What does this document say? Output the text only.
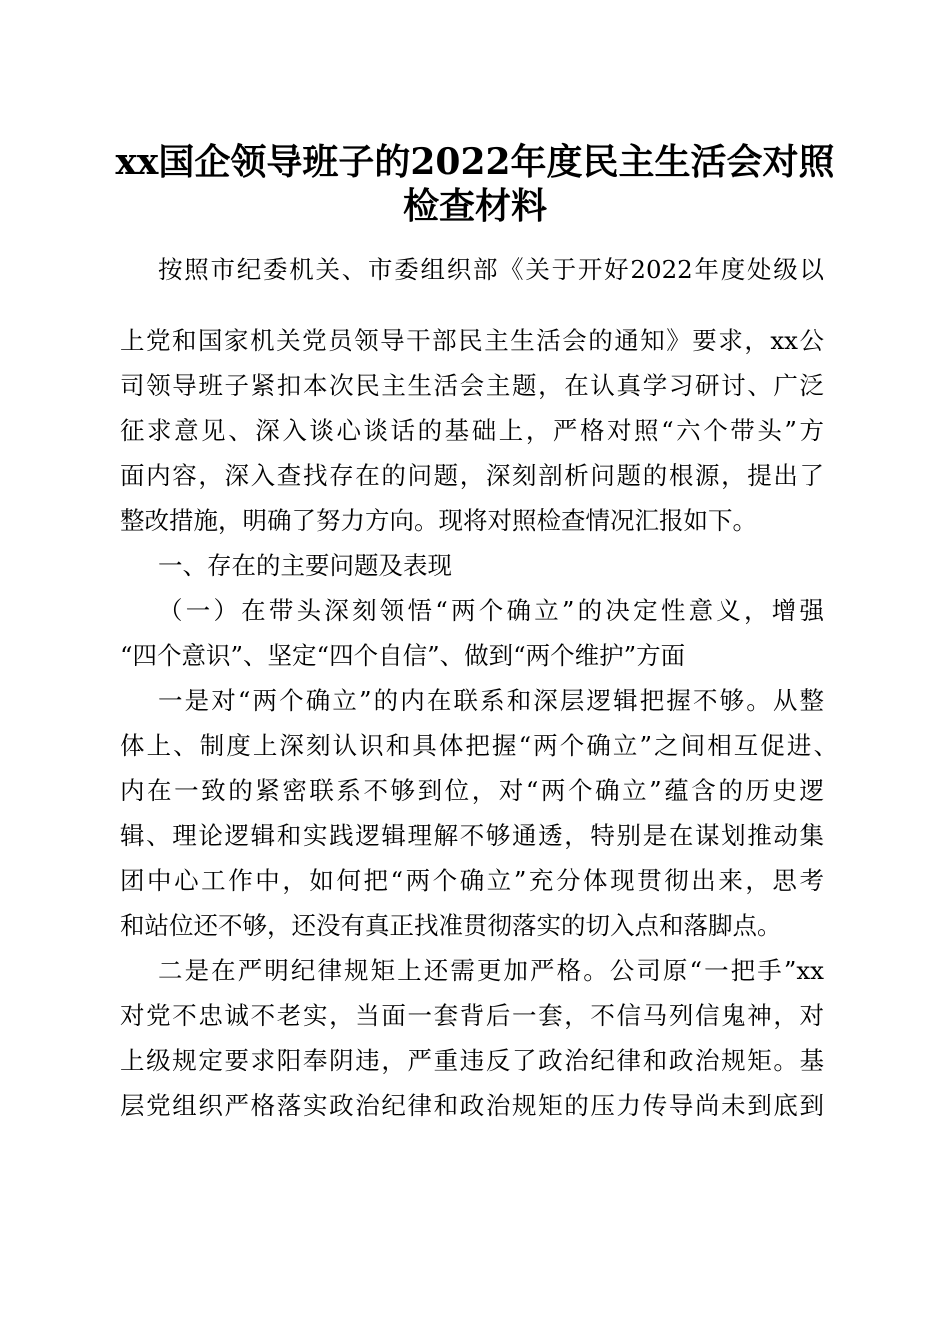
xx国企领导班子的2022年度民主生活会对照
检查材料

按照市纪委机关、市委组织部《关于开好2022年度处级以

上党和国家机关党员领导干部民主生活会的通知》要求，xx公

司领导班子紧扣本次民主生活会主题，在认真学习研讨、广泛

征求意见、深入谈心谈话的基础上，严格对照“六个带头”方

面内容，深入查找存在的问题，深刻剖析问题的根源，提出了

整改措施，明确了努力方向。现将对照检查情况汇报如下。

一、存在的主要问题及表现

（一）在带头深刻领悟“两个确立”的决定性意义，增强

“四个意识”、坚定“四个自信”、做到“两个维护”方面

一是对“两个确立”的内在联系和深层逻辑把握不够。从整

体上、制度上深刻认识和具体把握“两个确立”之间相互促进、

内在一致的紧密联系不够到位，对“两个确立”蕴含的历史逻

辑、理论逻辑和实践逻辑理解不够通透，特别是在谋划推动集

团中心工作中，如何把“两个确立”充分体现贯彻出来，思考

和站位还不够，还没有真正找准贯彻落实的切入点和落脚点。

二是在严明纪律规矩上还需更加严格。公司原“一把手”xx

对党不忠诚不老实，当面一套背后一套，不信马列信鬼神，对

上级规定要求阳奉阴违，严重违反了政治纪律和政治规矩。基

层党组织严格落实政治纪律和政治规矩的压力传导尚未到底到
